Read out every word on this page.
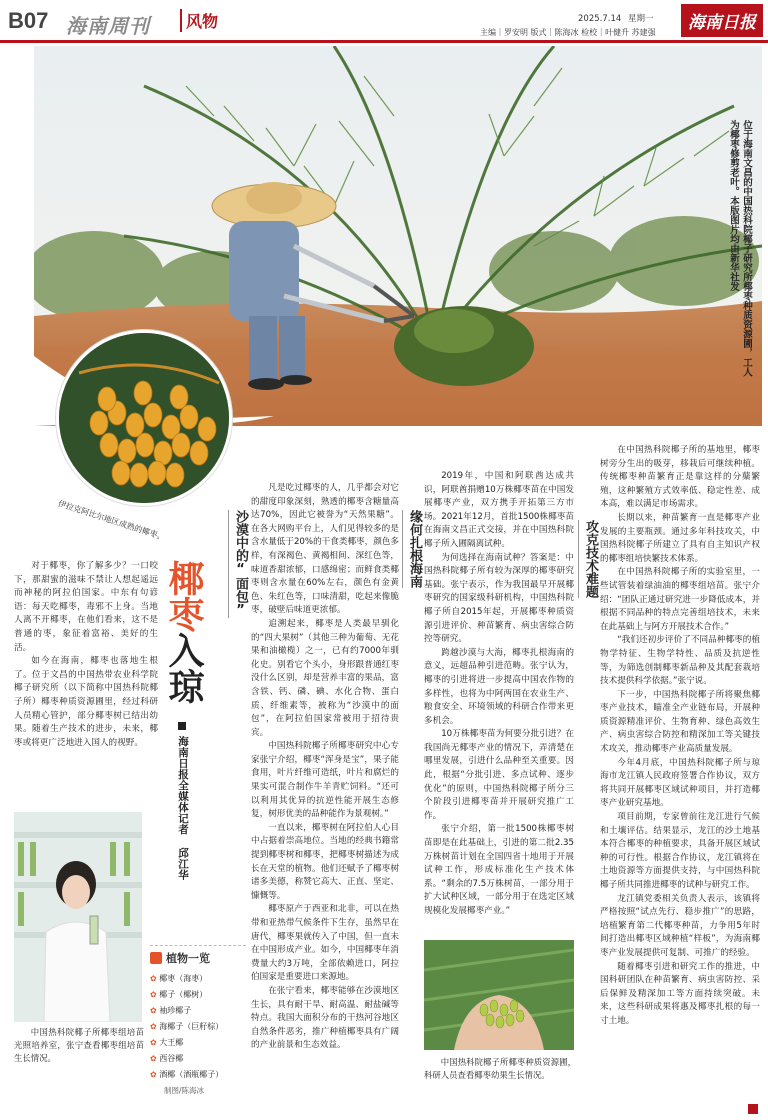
B07 海南周刊	风物	2025.7.14 星期一
主编｜罗安明 版式｜陈海冰 检校｜叶健升 苏建强 海南日报
位于海南文昌的中国热科院椰子研究所椰枣种质资源圃，工人为椰枣修剪老叶。本版图片均由新华社发
伊拉克阿比尔地区成熟的椰枣。	沙漠中的“面包”

对于椰枣，你了解多少？一口咬下，那甜蜜的滋味不禁让人想起遥远而神秘的阿拉伯国家。中东有句谚语：每天吃椰枣，毒邪不上身。当地人离不开椰枣，在他们看来，这不是普通的枣，象征着富裕、美好的生活。

如今在海南，椰枣也落地生根了。位于文昌的中国热带农业科学院椰子研究所（以下简称中国热科院椰子所）椰枣种质资源圃里，经过科研人员精心管护，部分椰枣树已结出幼果。随着生产技术的进步，未来，椰枣或将更广泛地进入国人的视野。

椰枣入琼
海南日报全媒体记者 邱江华
中国热科院椰子所椰枣组培苗光照培养室，张宁查看椰枣组培苗生长情况。

凡是吃过椰枣的人，几乎都会对它的甜度印象深刻，熟透的椰枣含糖量高达70%，因此它被誉为“天然果糖”。在各大网购平台上，人们见得较多的是含水量低于20%的干食类椰枣，颜色多样，有深褐色、黄褐相间、深红色等，味道香甜浓郁，口感绵密；而鲜食类椰枣则含水量在60%左右，颜色有金黄色、朱红色等，口味清甜，吃起来像脆枣，破壁后味道更浓郁。

追溯起来，椰枣是人类最早驯化的“四大果树”（其他三种为葡萄、无花果和油橄榄）之一，已有约7000年驯化史。别看它个头小，身形跟普通红枣没什么区别，却是营养丰富的果品，富含铁、钙、磷、碘、水化合物、蛋白质、纤维素等，被称为“沙漠中的面包”，在阿拉伯国家常被用于招待贵宾。

中国热科院椰子所椰枣研究中心专家张宁介绍，椰枣“浑身是宝”，果子能食用，叶片纤维可造纸，叶片和腐烂的果实可混合制作牛羊青贮饲料。“还可以利用其优异的抗逆性能开展生态修复，树形优美的品种能作为景观树。”

一直以来，椰枣树在阿拉伯人心目中占据着崇高地位。当地的经典书籍常提到椰枣树和椰枣，把椰枣树描述为成长在天堂的植物。他们还赋予了椰枣树诸多美德，称赞它高大、正直、坚定、慷慨等。

椰枣原产于西亚和北非，可以在热带和亚热带气候条件下生存，虽然早在唐代，椰枣果就传入了中国，但一直未在中国形成产业。如今，中国椰枣年消费量大约3万吨，全部依赖进口，阿拉伯国家是重要进口来源地。

在张宁看来，椰枣能够在沙漠地区生长，具有耐干旱、耐高温、耐盐碱等特点。我国大面积分布的干热河谷地区自然条件恶劣，推广种植椰枣具有广阔的产业前景和生态效益。

植物一览
✿ 椰枣（海枣）
✿ 椰子（椰树）
✿ 袖珍椰子
✿ 海椰子（巨籽棕）
✿ 大王椰
✿ 西谷椰
✿ 酒椰（酒瓶椰子）
制图/陈海冰
缘何扎根海南

2019年，中国和阿联酋达成共识，阿联酋捐赠10万株椰枣苗在中国发展椰枣产业，双方携手开拓第三方市场。2021年12月，首批1500株椰枣苗在海南文昌正式交接，并在中国热科院椰子所入圃隔离试种。

为何选择在海南试种？答案是：中国热科院椰子所有较为深厚的椰枣研究基础。张宁表示，作为我国最早开展椰枣研究的国家级科研机构，中国热科院椰子所自2015年起，开展椰枣种质资源引进评价、种苗繁育、病虫害综合防控等研究。

跨越沙漠与大海，椰枣扎根海南的意义，远超品种引进范畴。张宁认为，椰枣的引进将进一步提高中国农作物的多样性，也将为中阿两国在农业生产、粮食安全、环境领域的科研合作带来更多机会。

10万株椰枣苗为何要分批引进？在我国尚无椰枣产业的情况下，弄清楚在哪里发展，引进什么品种至关重要。因此，根据“分批引进、多点试种、逐步优化”的原则，中国热科院椰子所分三个阶段引进椰枣苗并开展研究推广工作。

张宁介绍，第一批1500株椰枣树苗即是在此基础上，引进的第二批2.35万株树苗计划在全国四省十地用于开展试种工作，形成标准化生产技术体系。“剩余的7.5万株树苗，一部分用于扩大试种区域，一部分用于在选定区域规模化发展椰枣产业。”

中国热科院椰子所椰枣种质资源圃，科研人员查看椰枣幼果生长情况。
攻克技术难题

在中国热科院椰子所的基地里，椰枣树旁分生出的吸芽，移栽后可继续种植。传统椰枣种苗繁育正是靠这样的分蘖繁殖，这种繁殖方式效率低、稳定性差、成本高，难以满足市场需求。

长期以来，种苗繁育一直是椰枣产业发展的主要瓶颈。通过多年科技攻关，中国热科院椰子所建立了具有自主知识产权的椰枣组培快繁技术体系。

在中国热科院椰子所的实验室里，一些试管装着绿油油的椰枣组培苗。张宁介绍：“团队正通过研究进一步降低成本，并根据不同品种的特点完善组培技术，未来在此基础上与阿方开展技术合作。”

“我们还初步评价了不同品种椰枣的植物学特征、生物学特性、品质及抗逆性等，为筛选创制椰枣新品种及其配套栽培技术提供科学依据。”张宁说。

下一步，中国热科院椰子所将聚焦椰枣产业技术，瞄准全产业链布局，开展种质资源精准评价、生物育种、绿色高效生产、病虫害综合防控和精深加工等关键技术攻关，推动椰枣产业高质量发展。

今年4月底，中国热科院椰子所与琼海市龙江镇人民政府签署合作协议，双方将共同开展椰枣区域试种项目，并打造椰枣产业研究基地。

项目前期，专家曾前往龙江进行气候和土壤评估。结果显示，龙江的沙土地基本符合椰枣的种植要求，具备开展区域试种的可行性。根据合作协议，龙江镇将在土地资源等方面提供支持，与中国热科院椰子所共同推进椰枣的试种与研究工作。

龙江镇党委相关负责人表示，该镇将严格按照“试点先行、稳步推广”的思路，培植繁育第二代椰枣种苗，力争用5年时间打造出椰枣区域种植“样板”，为海南椰枣产业发展提供可复制、可推广的经验。

随着椰枣引进和研究工作的推进，中国科研团队在种苗繁育、病虫害防控、采后保鲜及精深加工等方面持续突破。未来，这些科研成果将惠及椰枣扎根的每一寸土地。
